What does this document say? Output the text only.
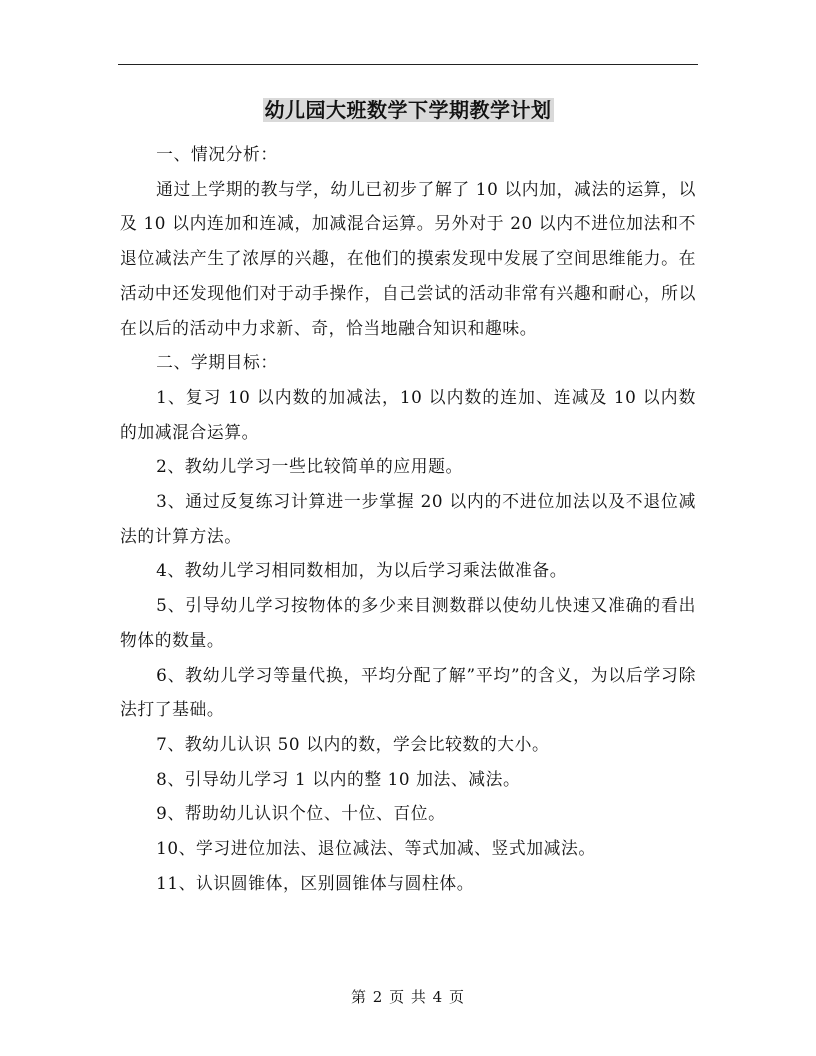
幼儿园大班数学下学期教学计划

一、情况分析：

通过上学期的教与学，幼儿已初步了解了 10 以内加，减法的运算，以及 10 以内连加和连减，加减混合运算。另外对于 20 以内不进位加法和不退位减法产生了浓厚的兴趣，在他们的摸索发现中发展了空间思维能力。在活动中还发现他们对于动手操作，自己尝试的活动非常有兴趣和耐心，所以在以后的活动中力求新、奇，恰当地融合知识和趣味。

二、学期目标：

1、复习 10 以内数的加减法，10 以内数的连加、连减及 10 以内数的加减混合运算。

2、教幼儿学习一些比较简单的应用题。

3、通过反复练习计算进一步掌握 20 以内的不进位加法以及不退位减法的计算方法。

4、教幼儿学习相同数相加，为以后学习乘法做准备。

5、引导幼儿学习按物体的多少来目测数群以使幼儿快速又准确的看出物体的数量。

6、教幼儿学习等量代换，平均分配了解”平均”的含义，为以后学习除法打了基础。

7、教幼儿认识 50 以内的数，学会比较数的大小。

8、引导幼儿学习 1 以内的整 10 加法、减法。

9、帮助幼儿认识个位、十位、百位。

10、学习进位加法、退位减法、等式加减、竖式加减法。

11、认识圆锥体，区别圆锥体与圆柱体。

第 2 页 共 4 页
